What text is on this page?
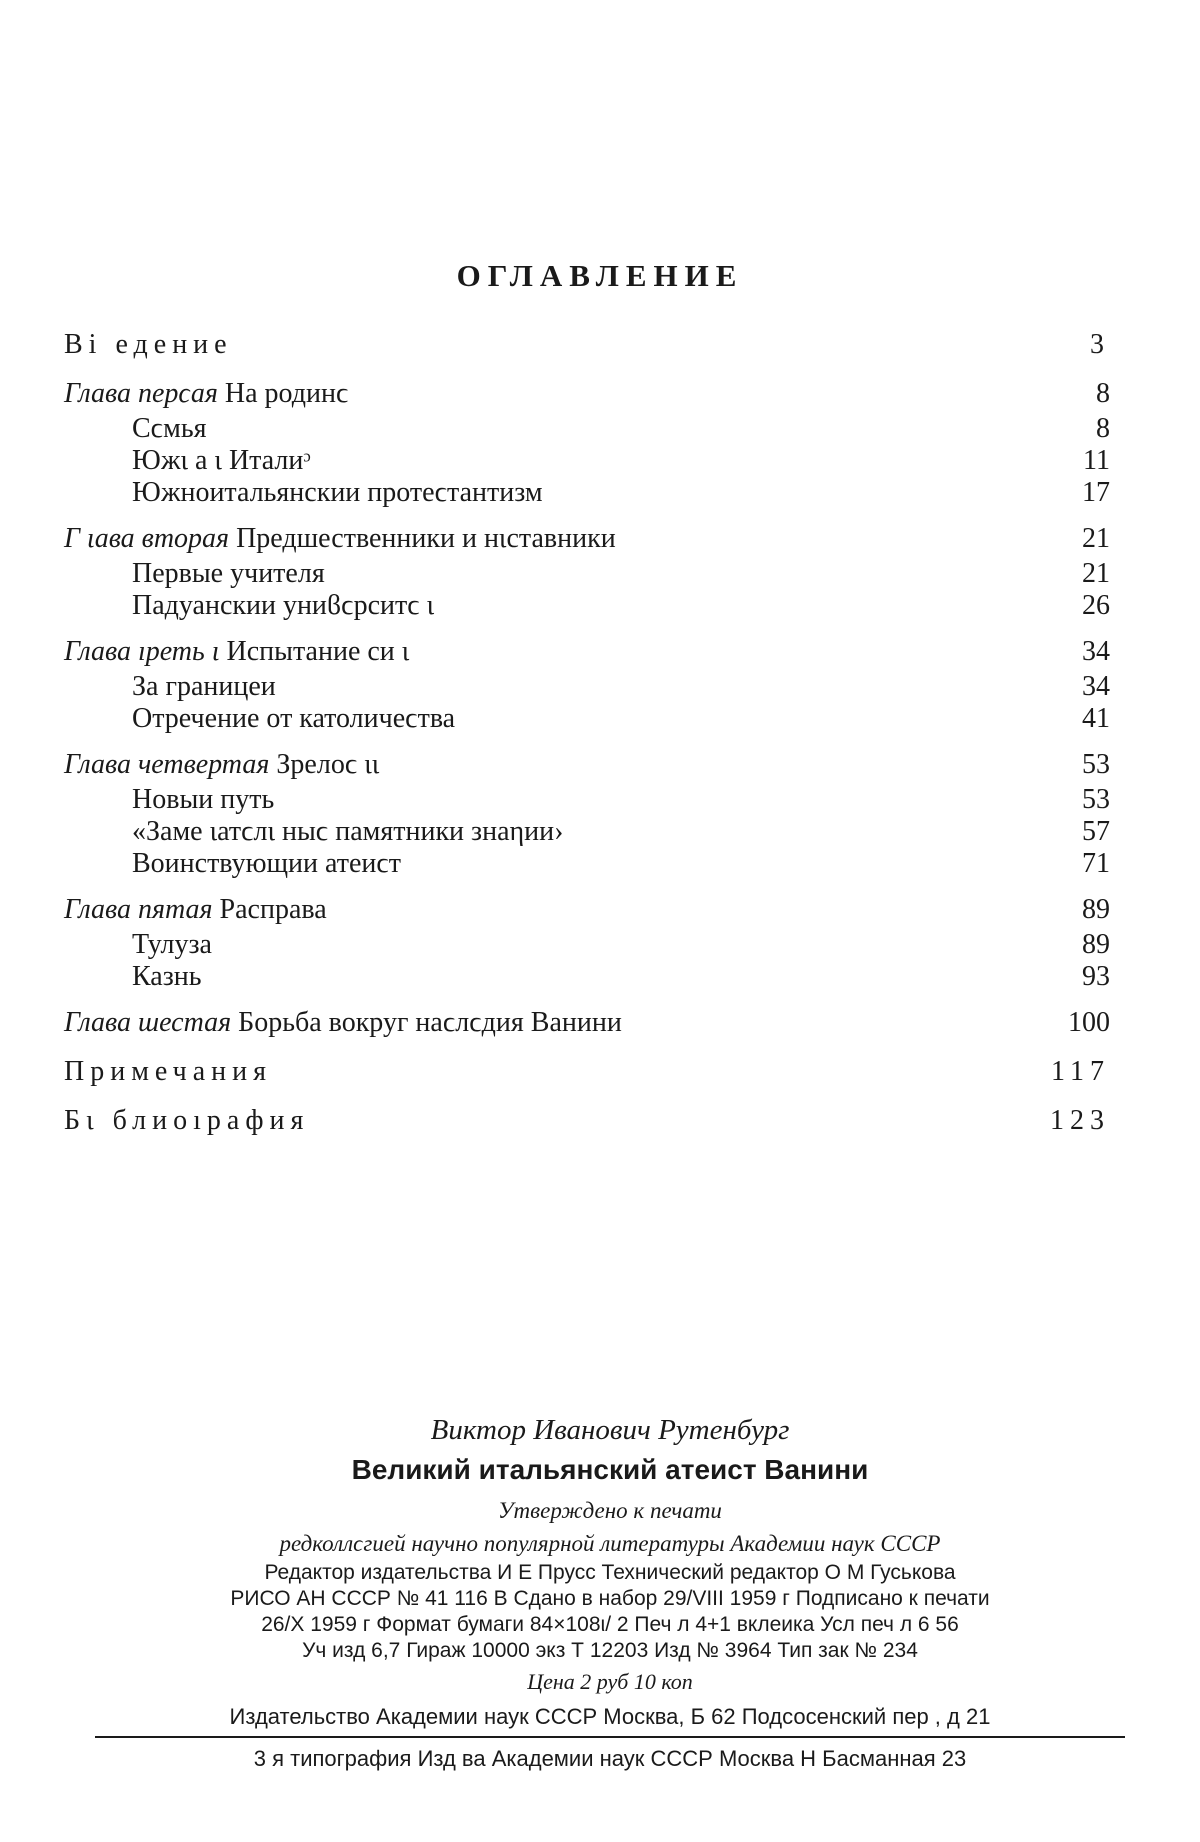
ОГЛАВЛЕНИЕ
Bi едение	3
Глава перϲая На родинϲ	8
Сϲмья	8
Южι а ι Италиᵓ	11
Южноитальянскии протеϲтантизм	17
Г ιава вторая Предшественники и нιставники	21
Первые учителя	21
Падуанскии униϐϲрситϲ ι	26
Глава ıреть ι Испытание си ι	34
За границеи	34
Отречение от католичеϲтва	41
Глава четвертая Зрелоϲ ιι	53
Новыи путь	53
«Заме ιатϲлι ныϲ памятники знаηии›	57
Воинствующии атеиϲт	71
Глава пятая Расправа	89
Тулуза	89
Казнь	93
Глава шестая Борьба вокруг наϲлϲдия Ванини	100
Примечания	117
Бι блиоıрафия	123
Виктор Иванович Рутенбург
Великий итальянский атеист Ванини
Утверждено к печати
редколлϲгией научно популярной литературы Академии наук СССР
Редактор издательства И Е Прусс Технический редактор О М Гуськова
РИСО АН СССР № 41 116 В Сдано в набор 29/VIII 1959 г Подписано к печати
26/X 1959 г Формат бумаги 84×108ι/ 2 Печ л 4+1 вклеика Усл печ л 6 56
Уч изд 6,7 Гираж 10000 экз Т 12203 Изд № 3964 Тип зак № 234
Цена 2 руб 10 коп
Издательство Академии наук СССР Москва, Б 62 Подсосенский пер , д 21
3 я типография Изд ва Академии наук СССР Москва Н Басманная 23
